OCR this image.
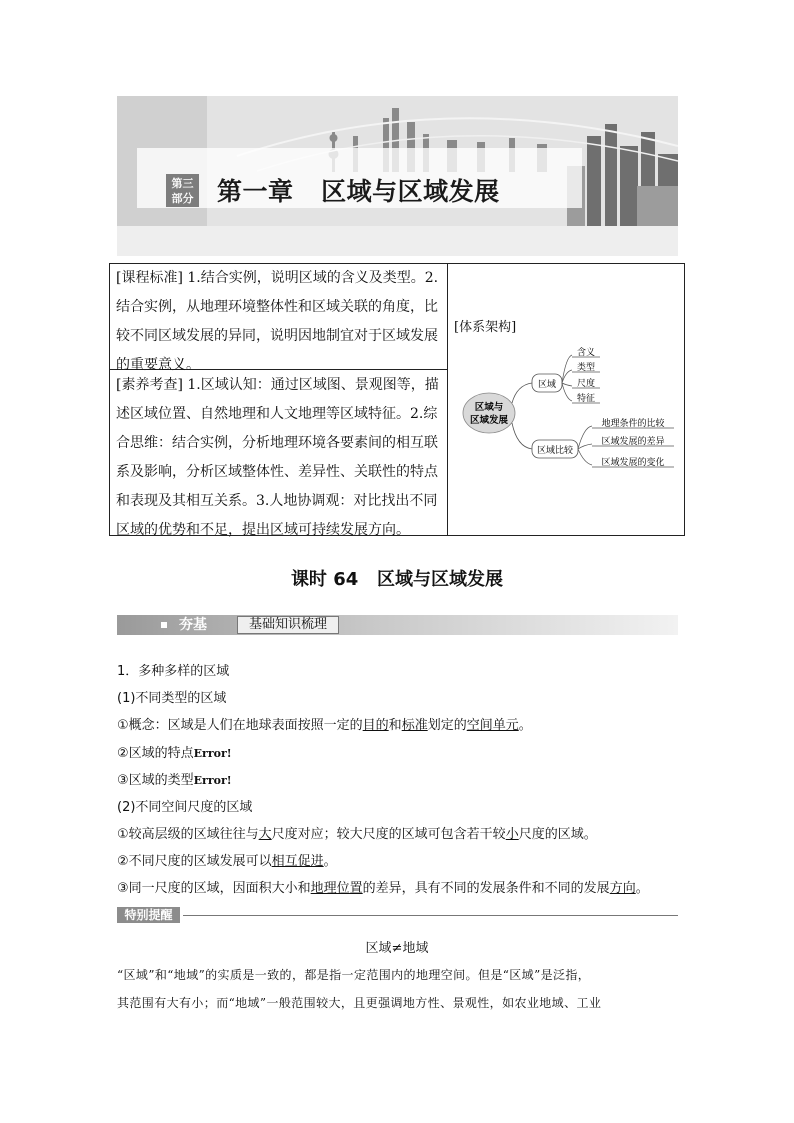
第三
部分 第一章   区域与区域发展
[课程标准] 1.结合实例，说明区域的含义及类型。2.
结合实例，从地理环境整体性和区域关联的角度，比
较不同区域发展的异同，说明因地制宜对于区域发展
的重要意义。
[素养考查] 1.区域认知：通过区域图、景观图等，描
述区域位置、自然地理和人文地理等区域特征。2.综
合思维：结合实例，分析地理环境各要素间的相互联
系及影响，分析区域整体性、差异性、关联性的特点
和表现及其相互关系。3.人地协调观：对比找出不同
区域的优势和不足，提出区域可持续发展方向。
[体系架构]
区域与
区域发展
区域
含义
类型
尺度
特征
区域比较
地理条件的比较
区域发展的差异
区域发展的变化
课时 64   区域与区域发展
夯基	基础知识梳理
1．多种多样的区域
(1)不同类型的区域
①概念：区域是人们在地球表面按照一定的目的和标准划定的空间单元。
②区域的特点Error!
③区域的类型Error!
(2)不同空间尺度的区域
①较高层级的区域往往与大尺度对应；较大尺度的区域可包含若干较小尺度的区域。
②不同尺度的区域发展可以相互促进。
③同一尺度的区域，因面积大小和地理位置的差异，具有不同的发展条件和不同的发展方向。
特别提醒
区域≠地域
“区域”和“地域”的实质是一致的，都是指一定范围内的地理空间。但是“区域”是泛指，
其范围有大有小；而“地域”一般范围较大，且更强调地方性、景观性，如农业地域、工业
